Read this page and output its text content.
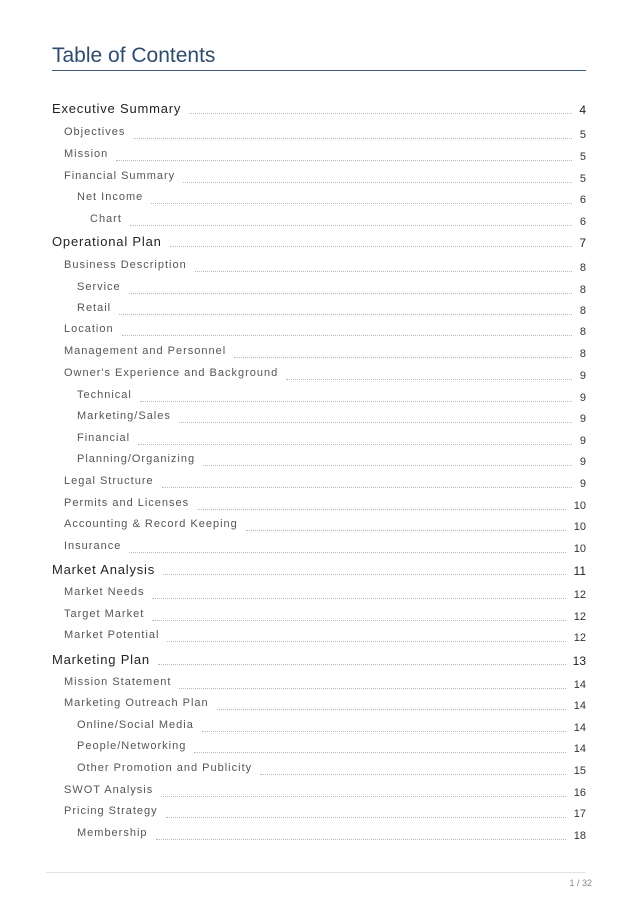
Table of Contents
Executive Summary	4
Objectives	5
Mission	5
Financial Summary	5
Net Income	6
Chart	6
Operational Plan	7
Business Description	8
Service	8
Retail	8
Location	8
Management and Personnel	8
Owner's Experience and Background	9
Technical	9
Marketing/Sales	9
Financial	9
Planning/Organizing	9
Legal Structure	9
Permits and Licenses	10
Accounting & Record Keeping	10
Insurance	10
Market Analysis	11
Market Needs	12
Target Market	12
Market Potential	12
Marketing Plan	13
Mission Statement	14
Marketing Outreach Plan	14
Online/Social Media	14
People/Networking	14
Other Promotion and Publicity	15
SWOT Analysis	16
Pricing Strategy	17
Membership	18
1 / 32
